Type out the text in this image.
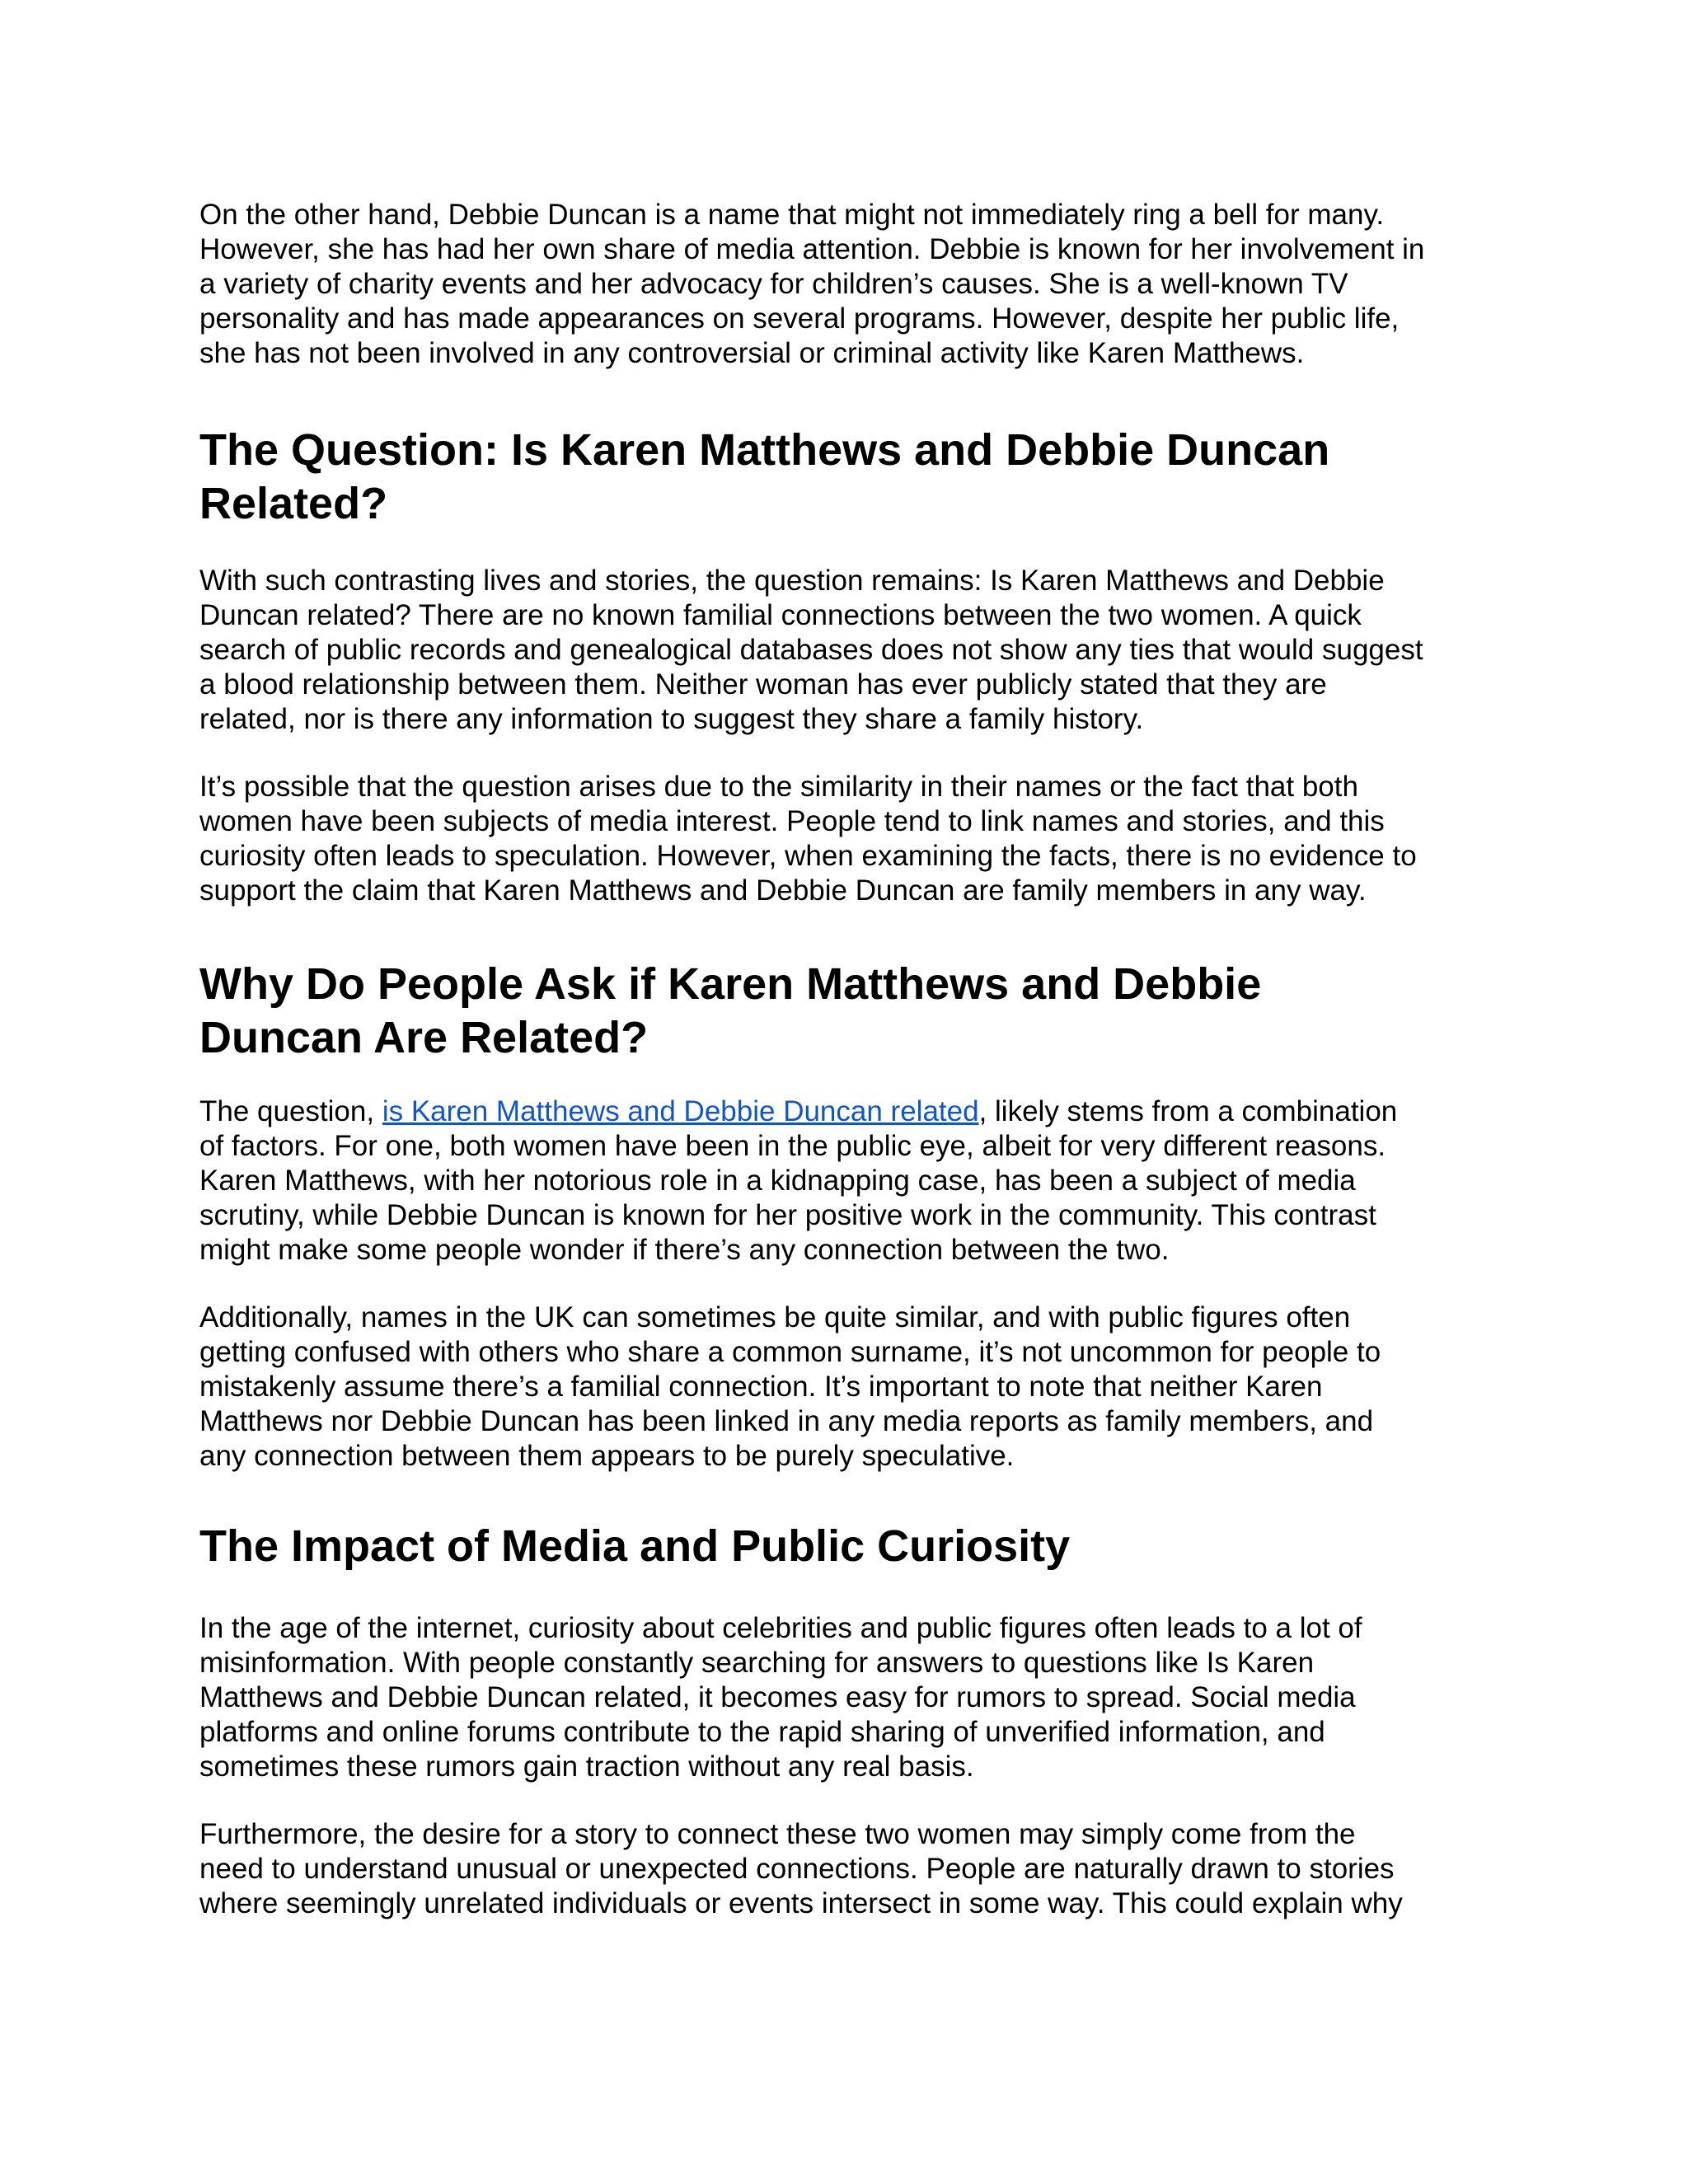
On the other hand, Debbie Duncan is a name that might not immediately ring a bell for many.
However, she has had her own share of media attention. Debbie is known for her involvement in
a variety of charity events and her advocacy for children’s causes. She is a well-known TV
personality and has made appearances on several programs. However, despite her public life,
she has not been involved in any controversial or criminal activity like Karen Matthews.

The Question: Is Karen Matthews and Debbie Duncan
Related?

With such contrasting lives and stories, the question remains: Is Karen Matthews and Debbie
Duncan related? There are no known familial connections between the two women. A quick
search of public records and genealogical databases does not show any ties that would suggest
a blood relationship between them. Neither woman has ever publicly stated that they are
related, nor is there any information to suggest they share a family history.

It’s possible that the question arises due to the similarity in their names or the fact that both
women have been subjects of media interest. People tend to link names and stories, and this
curiosity often leads to speculation. However, when examining the facts, there is no evidence to
support the claim that Karen Matthews and Debbie Duncan are family members in any way.

Why Do People Ask if Karen Matthews and Debbie
Duncan Are Related?

The question, is Karen Matthews and Debbie Duncan related, likely stems from a combination
of factors. For one, both women have been in the public eye, albeit for very different reasons.
Karen Matthews, with her notorious role in a kidnapping case, has been a subject of media
scrutiny, while Debbie Duncan is known for her positive work in the community. This contrast
might make some people wonder if there’s any connection between the two.

Additionally, names in the UK can sometimes be quite similar, and with public figures often
getting confused with others who share a common surname, it’s not uncommon for people to
mistakenly assume there’s a familial connection. It’s important to note that neither Karen
Matthews nor Debbie Duncan has been linked in any media reports as family members, and
any connection between them appears to be purely speculative.

The Impact of Media and Public Curiosity

In the age of the internet, curiosity about celebrities and public figures often leads to a lot of
misinformation. With people constantly searching for answers to questions like Is Karen
Matthews and Debbie Duncan related, it becomes easy for rumors to spread. Social media
platforms and online forums contribute to the rapid sharing of unverified information, and
sometimes these rumors gain traction without any real basis.

Furthermore, the desire for a story to connect these two women may simply come from the
need to understand unusual or unexpected connections. People are naturally drawn to stories
where seemingly unrelated individuals or events intersect in some way. This could explain why
